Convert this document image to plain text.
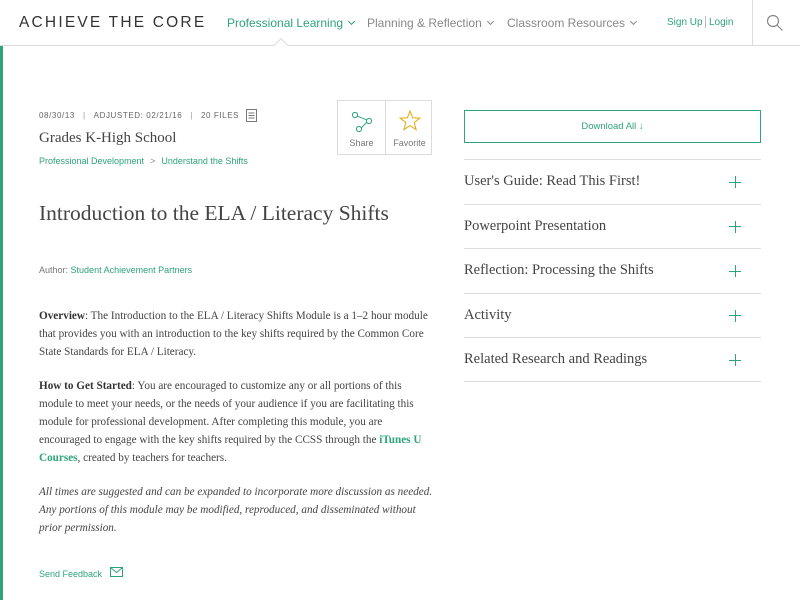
ACHIEVE THE CORE Professional Learning	Planning & Reflection	Classroom Resources	Sign Up Login
08/30/13 | ADJUSTED: 02/21/16 | 20 FILES
Grades K-High School
Professional Development > Understand the Shifts
Share	Favorite
Introduction to the ELA / Literacy Shifts
Author: Student Achievement Partners
Overview: The Introduction to the ELA / Literacy Shifts Module is a 1–2 hour module that provides you with an introduction to the key shifts required by the Common Core State Standards for ELA / Literacy.
How to Get Started: You are encouraged to customize any or all portions of this module to meet your needs, or the needs of your audience if you are facilitating this module for professional development. After completing this module, you are encouraged to engage with the key shifts required by the CCSS through the iTunes U Courses, created by teachers for teachers.
All times are suggested and can be expanded to incorporate more discussion as needed. Any portions of this module may be modified, reproduced, and disseminated without prior permission.
Send Feedback
Download All ↓
User's Guide: Read This First!
Powerpoint Presentation
Reflection: Processing the Shifts
Activity
Related Research and Readings
